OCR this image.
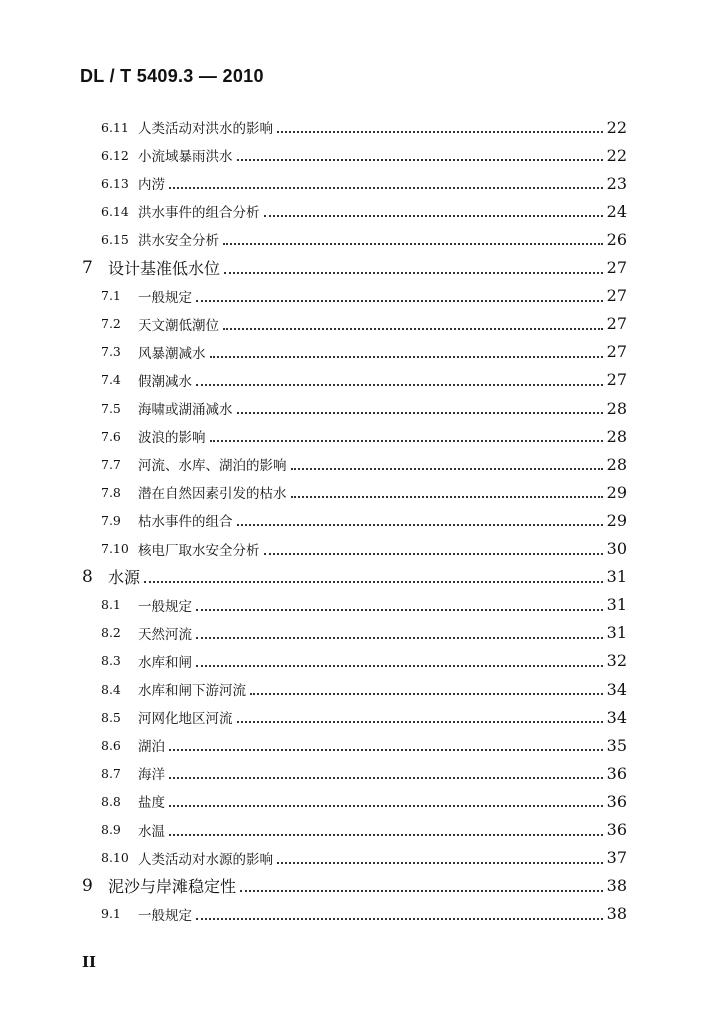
DL / T 5409.3 — 2010
6.11 人类活动对洪水的影响	22
6.12 小流域暴雨洪水	22
6.13 内涝	23
6.14 洪水事件的组合分析	24
6.15 洪水安全分析	26
7 设计基准低水位	27
7.1 一般规定	27
7.2 天文潮低潮位	27
7.3 风暴潮减水	27
7.4 假潮减水	27
7.5 海啸或湖涌减水	28
7.6 波浪的影响	28
7.7 河流、水库、湖泊的影响	28
7.8 潜在自然因素引发的枯水	29
7.9 枯水事件的组合	29
7.10 核电厂取水安全分析	30
8 水源	31
8.1 一般规定	31
8.2 天然河流	31
8.3 水库和闸	32
8.4 水库和闸下游河流	34
8.5 河网化地区河流	34
8.6 湖泊	35
8.7 海洋	36
8.8 盐度	36
8.9 水温	36
8.10 人类活动对水源的影响	37
9 泥沙与岸滩稳定性	38
9.1 一般规定	38
II
